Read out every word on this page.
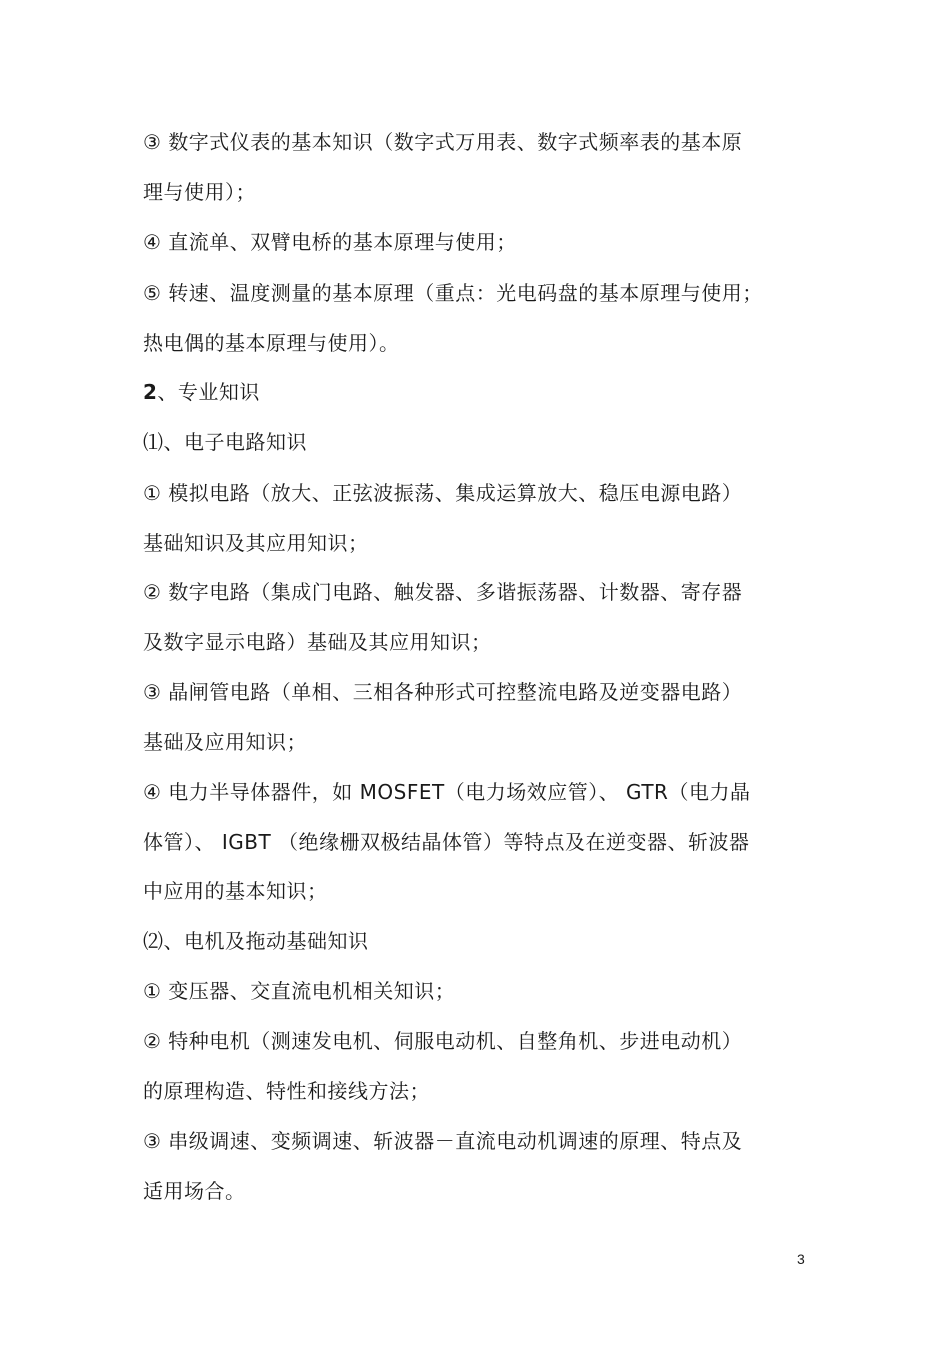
③ 数字式仪表的基本知识（数字式万用表、数字式频率表的基本原
理与使用）；
④ 直流单、双臂电桥的基本原理与使用；
⑤ 转速、温度测量的基本原理（重点：光电码盘的基本原理与使用；
热电偶的基本原理与使用）。
2、专业知识
⑴、电子电路知识
① 模拟电路（放大、正弦波振荡、集成运算放大、稳压电源电路）
基础知识及其应用知识；
② 数字电路（集成门电路、触发器、多谐振荡器、计数器、寄存器
及数字显示电路）基础及其应用知识；
③ 晶闸管电路（单相、三相各种形式可控整流电路及逆变器电路）
基础及应用知识；
④ 电力半导体器件，如 MOSFET（电力场效应管）、 GTR（电力晶
体管）、 IGBT （绝缘栅双极结晶体管）等特点及在逆变器、斩波器
中应用的基本知识；
⑵、电机及拖动基础知识
① 变压器、交直流电机相关知识；
② 特种电机（测速发电机、伺服电动机、自整角机、步进电动机）
的原理构造、特性和接线方法；
③ 串级调速、变频调速、斩波器－直流电动机调速的原理、特点及
适用场合。
3
